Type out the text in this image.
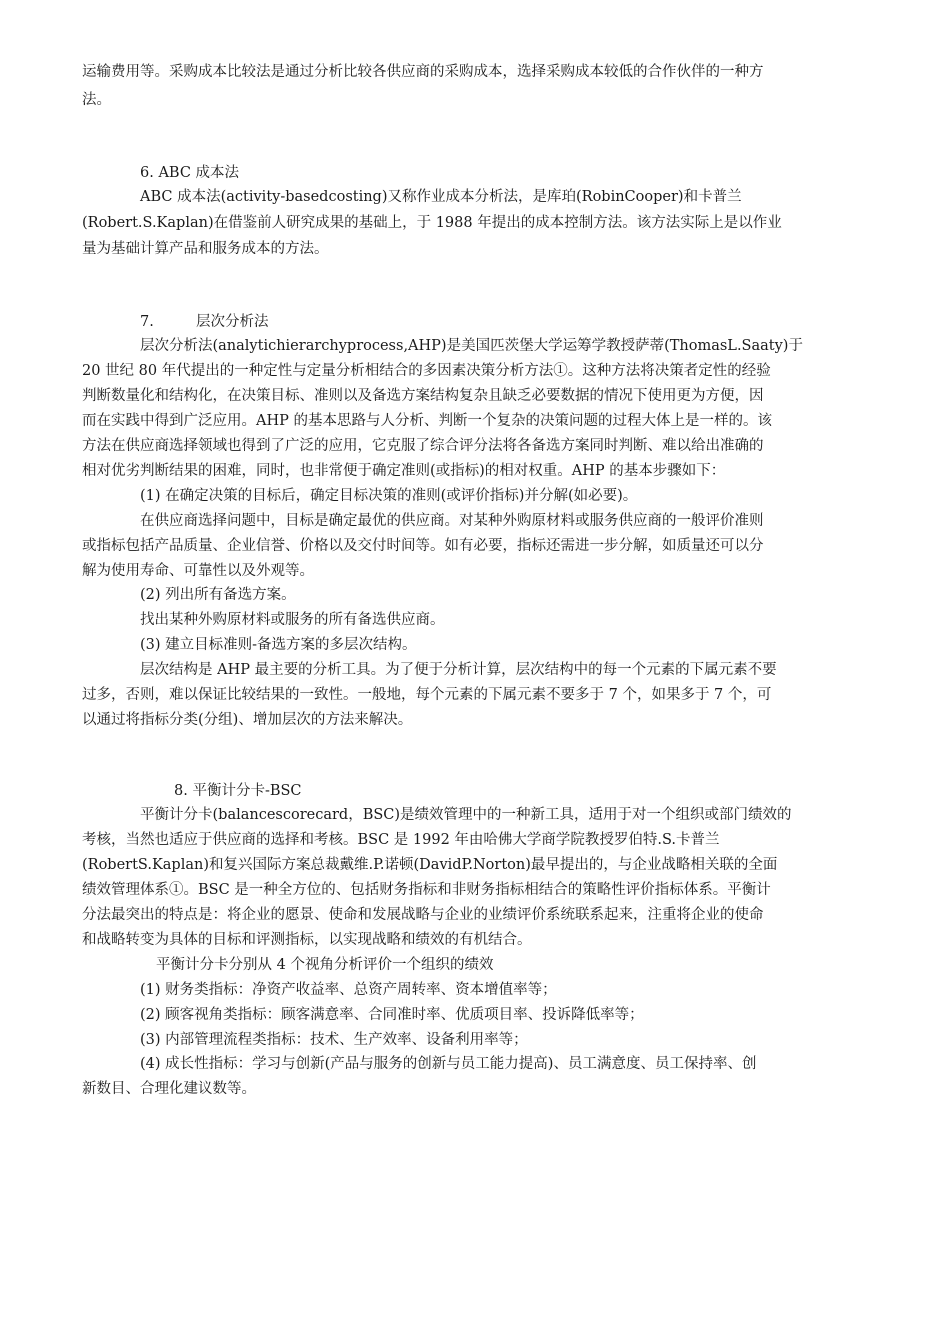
运输费用等。采购成本比较法是通过分析比较各供应商的采购成本，选择采购成本较低的合作伙伴的一种方
法。
6. ABC 成本法
ABC 成本法(activity-basedcosting)又称作业成本分析法，是库珀(RobinCooper)和卡普兰
(Robert.S.Kaplan)在借鉴前人研究成果的基础上，于 1988 年提出的成本控制方法。该方法实际上是以作业
量为基础计算产品和服务成本的方法。
7.	层次分析法
层次分析法(analytichierarchyprocess,AHP)是美国匹茨堡大学运筹学教授萨蒂(ThomasL.Saaty)于
20 世纪 80 年代提出的一种定性与定量分析相结合的多因素决策分析方法①。这种方法将决策者定性的经验
判断数量化和结构化，在决策目标、准则以及备选方案结构复杂且缺乏必要数据的情况下使用更为方便，因
而在实践中得到广泛应用。AHP 的基本思路与人分析、判断一个复杂的决策问题的过程大体上是一样的。该
方法在供应商选择领域也得到了广泛的应用，它克服了综合评分法将各备选方案同时判断、难以给出准确的
相对优劣判断结果的困难，同时，也非常便于确定准则(或指标)的相对权重。AHP 的基本步骤如下：
(1) 在确定决策的目标后，确定目标决策的准则(或评价指标)并分解(如必要)。
在供应商选择问题中，目标是确定最优的供应商。对某种外购原材料或服务供应商的一般评价准则
或指标包括产品质量、企业信誉、价格以及交付时间等。如有必要，指标还需进一步分解，如质量还可以分
解为使用寿命、可靠性以及外观等。
(2) 列出所有备选方案。
找出某种外购原材料或服务的所有备选供应商。
(3) 建立目标准则-备选方案的多层次结构。
层次结构是 AHP 最主要的分析工具。为了便于分析计算，层次结构中的每一个元素的下属元素不要
过多，否则，难以保证比较结果的一致性。一般地，每个元素的下属元素不要多于 7 个，如果多于 7 个，可
以通过将指标分类(分组)、增加层次的方法来解决。
8. 平衡计分卡-BSC
平衡计分卡(balancescorecard，BSC)是绩效管理中的一种新工具，适用于对一个组织或部门绩效的
考核，当然也适应于供应商的选择和考核。BSC 是 1992 年由哈佛大学商学院教授罗伯特.S.卡普兰
(RobertS.Kaplan)和复兴国际方案总裁戴维.P.诺顿(DavidP.Norton)最早提出的，与企业战略相关联的全面
绩效管理体系①。BSC 是一种全方位的、包括财务指标和非财务指标相结合的策略性评价指标体系。平衡计
分法最突出的特点是：将企业的愿景、使命和发展战略与企业的业绩评价系统联系起来，注重将企业的使命
和战略转变为具体的目标和评测指标，以实现战略和绩效的有机结合。
平衡计分卡分别从 4 个视角分析评价一个组织的绩效
(1) 财务类指标：净资产收益率、总资产周转率、资本增值率等；
(2) 顾客视角类指标：顾客满意率、合同准时率、优质项目率、投诉降低率等；
(3) 内部管理流程类指标：技术、生产效率、设备利用率等；
(4) 成长性指标：学习与创新(产品与服务的创新与员工能力提高)、员工满意度、员工保持率、创
新数目、合理化建议数等。
